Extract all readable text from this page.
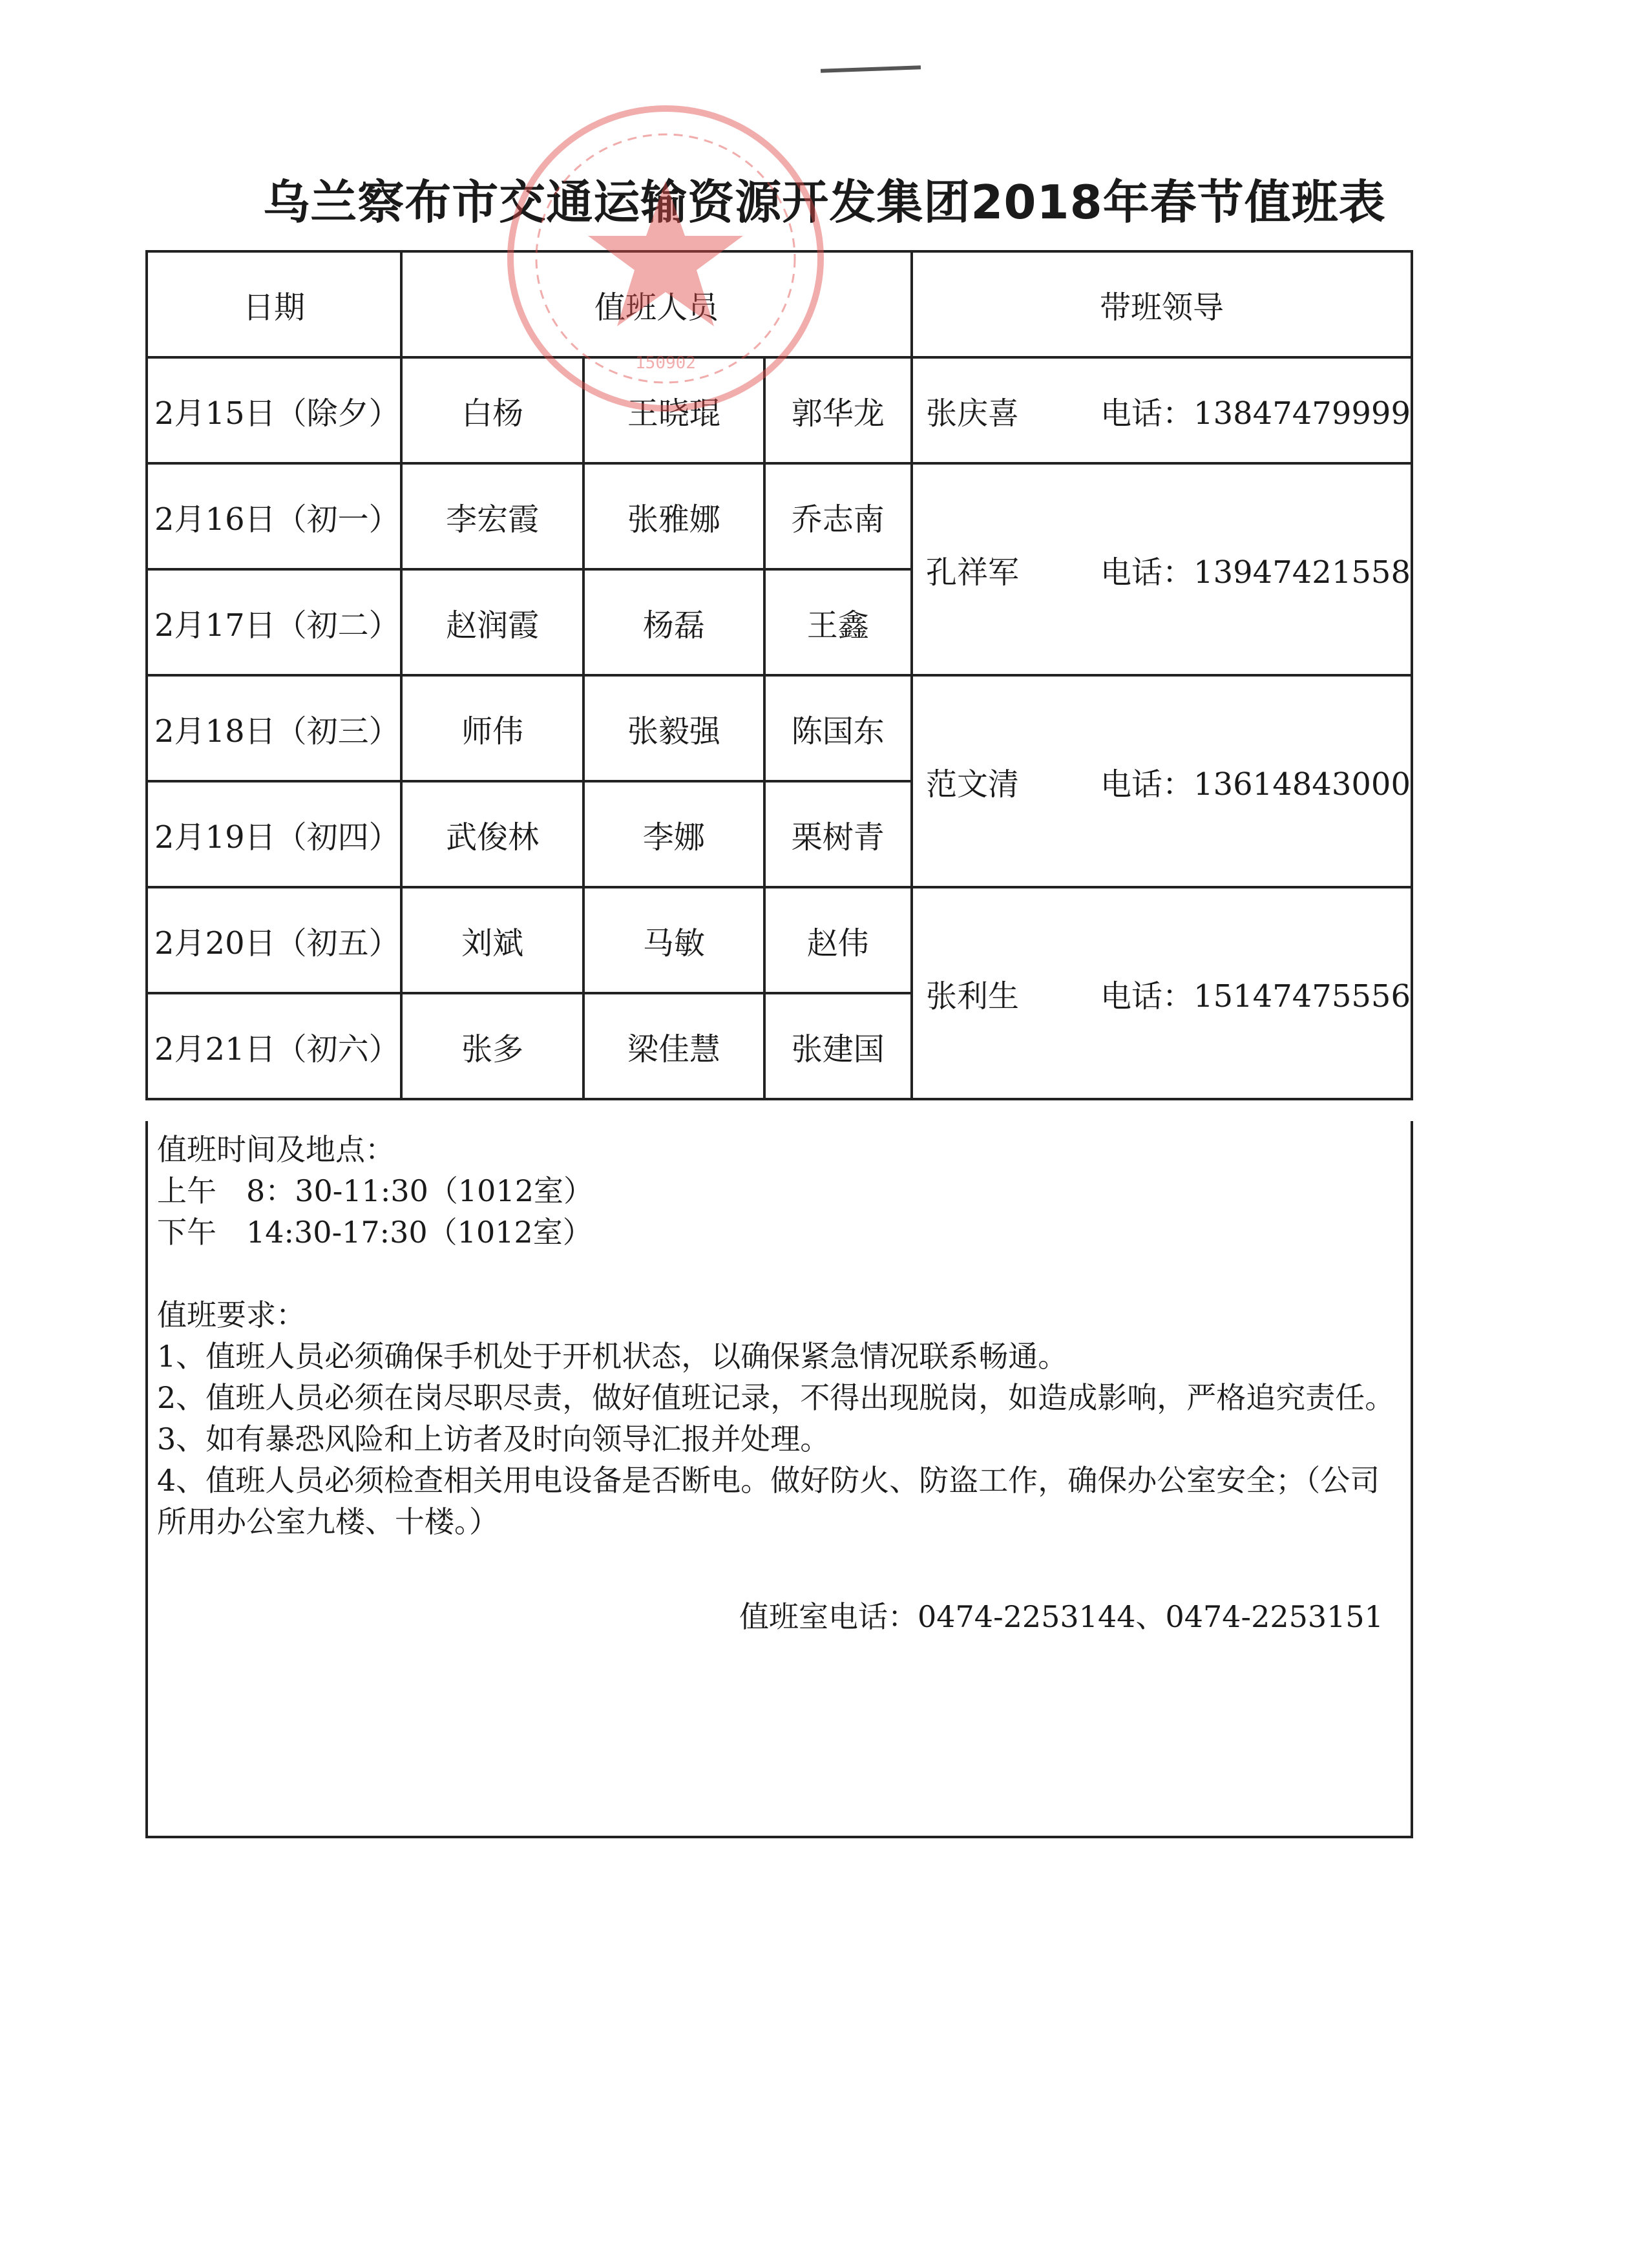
乌兰察布市交通运输资源开发集团2018年春节值班表
日期	值班人员			带班领导
2月15日（除夕）	白杨	王晓琨	郭华龙	张庆喜 电话：13847479999
2月16日（初一）	李宏霞	张雅娜	乔志南	孔祥军 电话：13947421558
2月17日（初二）	赵润霞	杨磊	王鑫	
2月18日（初三）	师伟	张毅强	陈国东	范文清 电话：13614843000
2月19日（初四）	武俊林	李娜	栗树青	
2月20日（初五）	刘斌	马敏	赵伟	张利生 电话：15147475556
2月21日（初六）	张多	梁佳慧	张建国	

值班时间及地点：

上午　8：30-11:30（1012室）

下午　14:30-17:30（1012室）

值班要求：

1、值班人员必须确保手机处于开机状态，以确保紧急情况联系畅通。

2、值班人员必须在岗尽职尽责，做好值班记录，不得出现脱岗，如造成影响，严格追究责任。

3、如有暴恐风险和上访者及时向领导汇报并处理。

4、值班人员必须检查相关用电设备是否断电。做好防火、防盗工作，确保办公室安全；（公司所用办公室九楼、十楼。）

值班室电话：0474-2253144、0474-2253151

150902
